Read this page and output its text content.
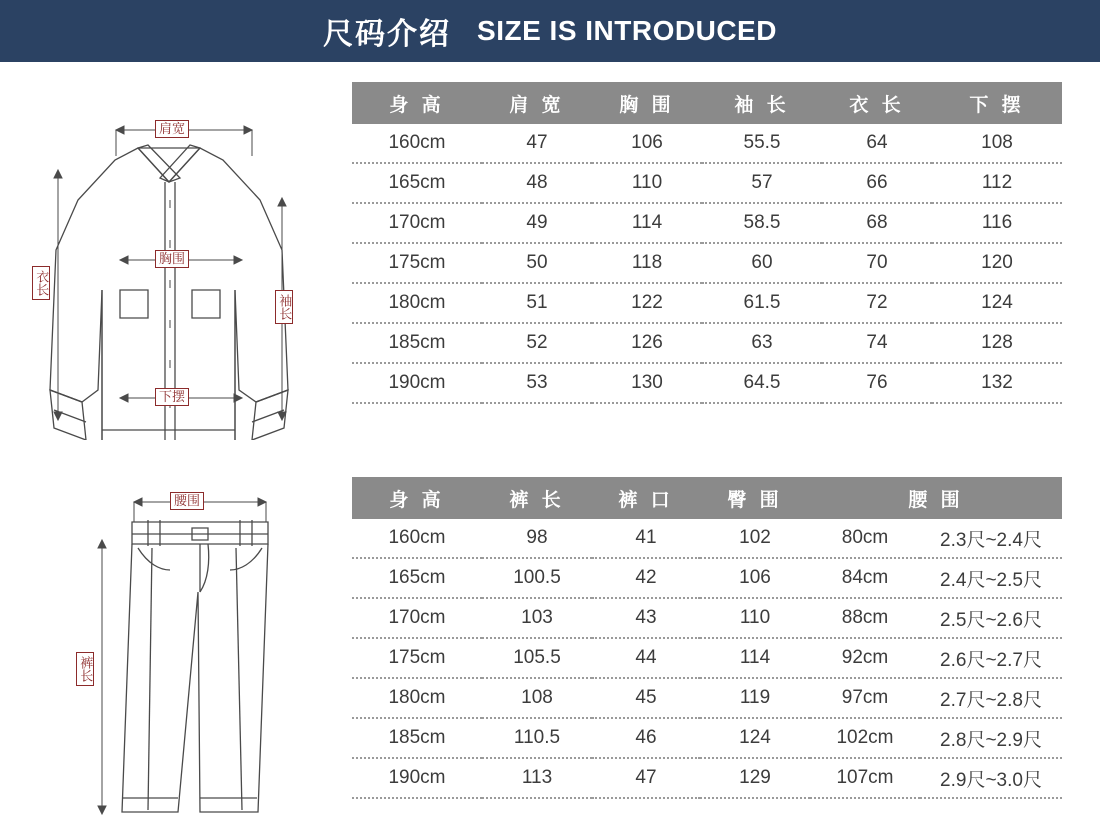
尺码介绍 SIZE IS INTRODUCED
肩宽
胸围
下摆
衣长
袖长
身 高	肩 宽	胸 围	袖 长	衣 长	下 摆
160cm	47	106	55.5	64	108
165cm	48	110	57	66	112
170cm	49	114	58.5	68	116
175cm	50	118	60	70	120
180cm	51	122	61.5	72	124
185cm	52	126	63	74	128
190cm	53	130	64.5	76	132
腰围
裤长
身 高	裤 长	裤 口	臀 围	腰 围	
160cm	98	41	102	80cm	2.3尺~2.4尺
165cm	100.5	42	106	84cm	2.4尺~2.5尺
170cm	103	43	110	88cm	2.5尺~2.6尺
175cm	105.5	44	114	92cm	2.6尺~2.7尺
180cm	108	45	119	97cm	2.7尺~2.8尺
185cm	110.5	46	124	102cm	2.8尺~2.9尺
190cm	113	47	129	107cm	2.9尺~3.0尺
